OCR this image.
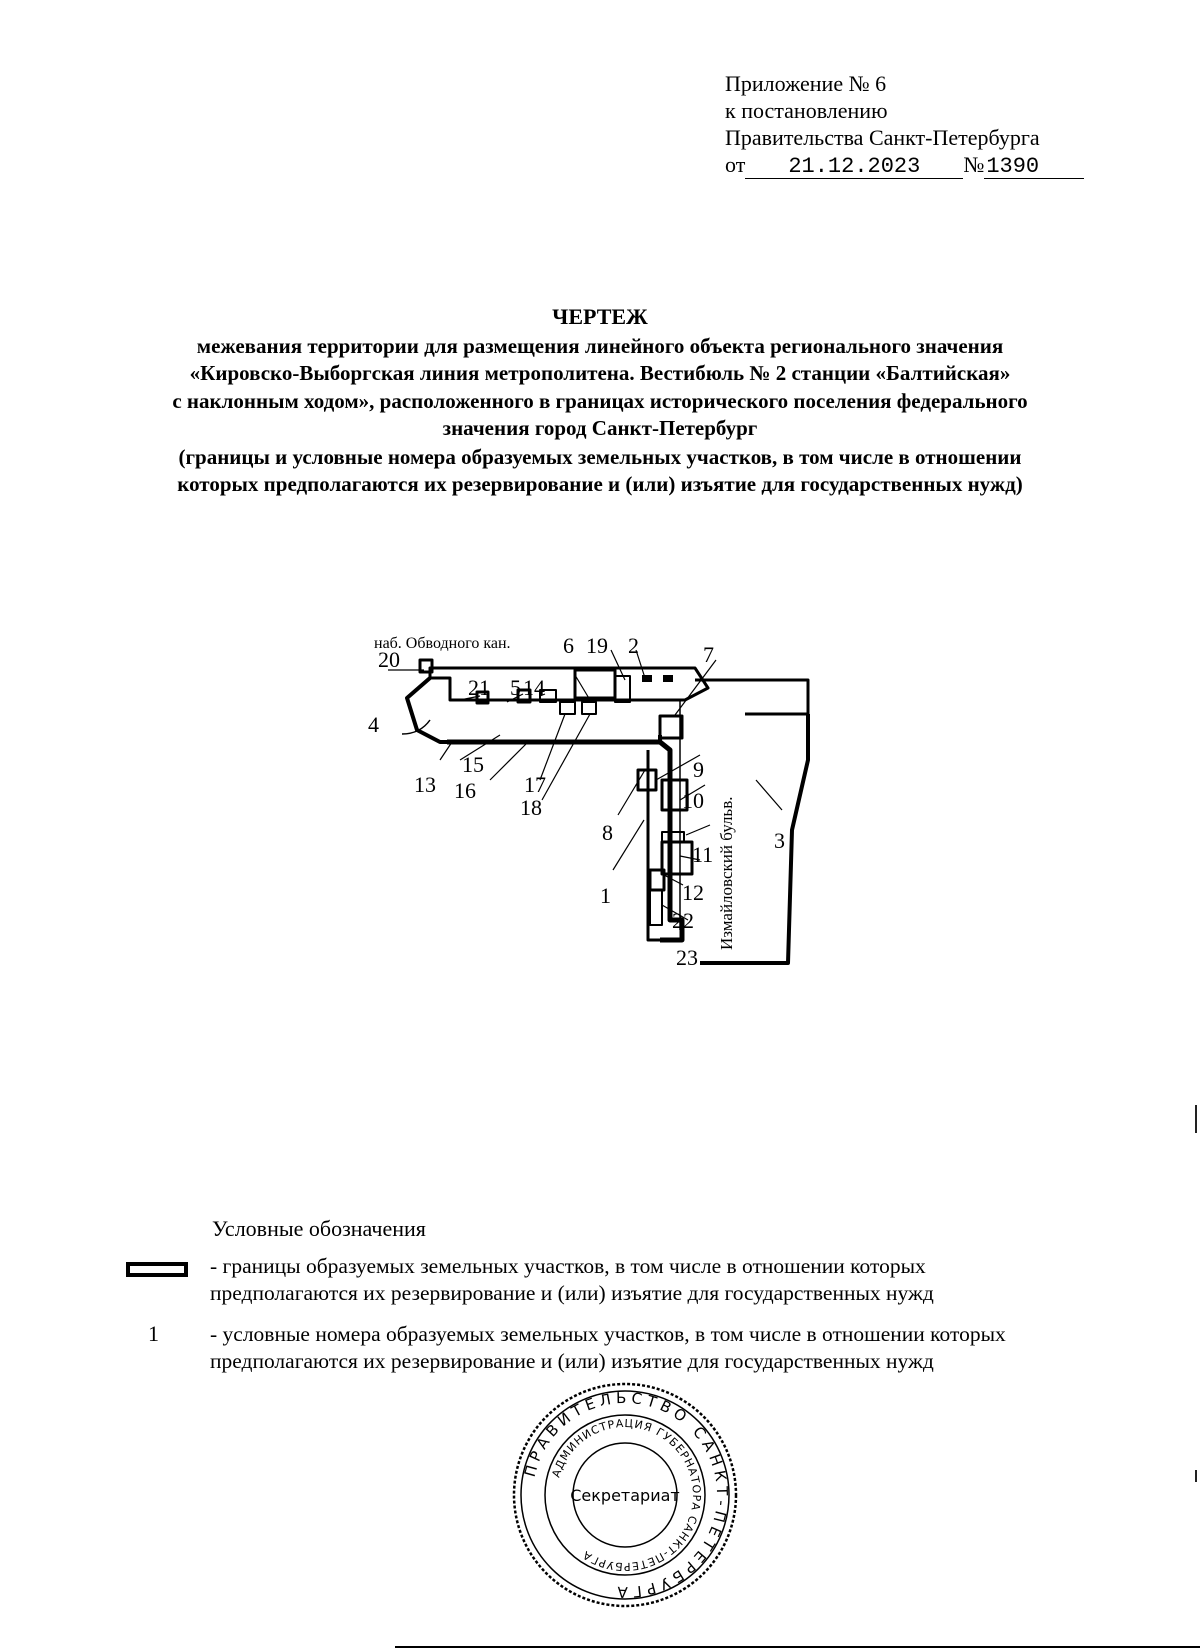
Приложение № 6
к постановлению
Правительства Санкт-Петербурга
от 21.12.2023 №1390
ЧЕРТЕЖ
межевания территории для размещения линейного объекта регионального значения
«Кировско-Выборгская линия метрополитена. Вестибюль № 2 станции «Балтийская»
с наклонным ходом», расположенного в границах исторического поселения федерального
значения город Санкт-Петербург
(границы и условные номера образуемых земельных участков, в том числе в отношении
которых предполагаются их резервирование и (или) изъятие для государственных нужд)
наб. Обводного кан.
20
4
21 5 14
6 19 2	7
15
13 16 17
18
9
10
8	3
11
1	12
22
23
Измайловский бульв.
Условные обозначения
- границы образуемых земельных участков, в том числе в отношении которых
предполагаются их резервирование и (или) изъятие для государственных нужд
1 - условные номера образуемых земельных участков, в том числе в отношении которых
предполагаются их резервирование и (или) изъятие для государственных нужд
ПРАВИТЕЛЬСТВО САНКТ-ПЕТЕРБУРГА
АДМИНИСТРАЦИЯ ГУБЕРНАТОРА САНКТ-ПЕТЕРБУРГА
Секретариат
